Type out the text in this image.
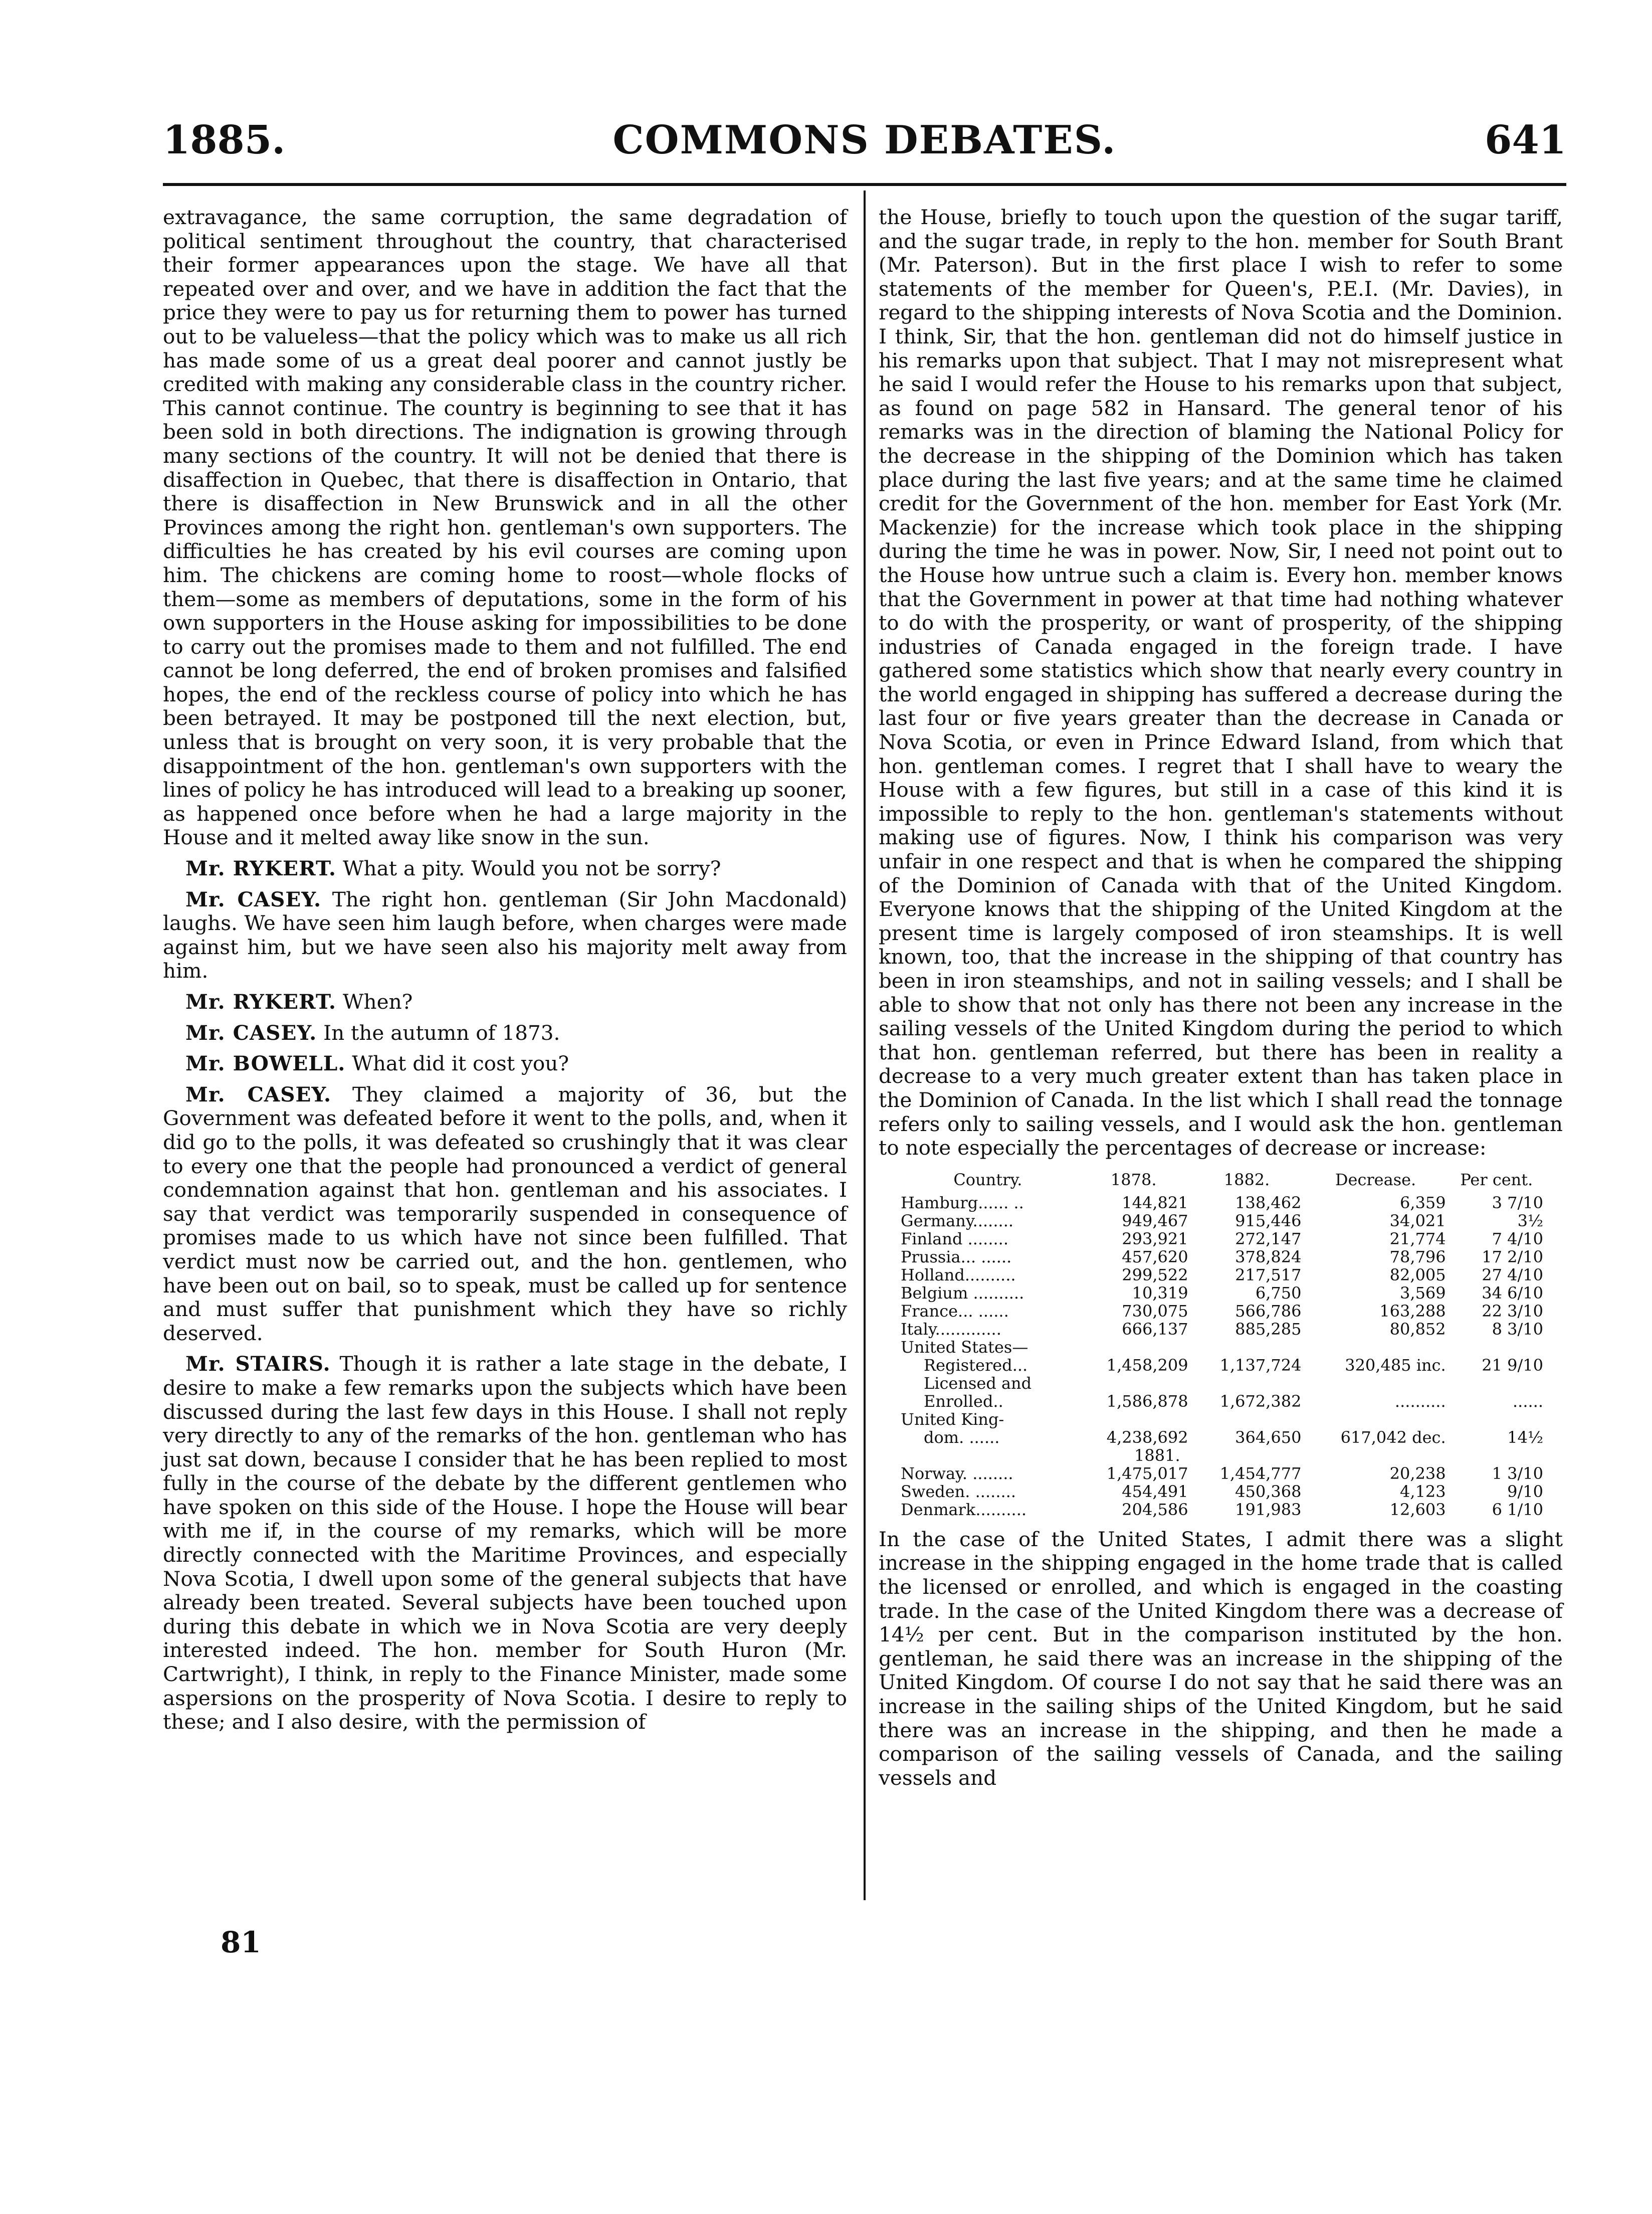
1885.	COMMONS DEBATES.	641

extravagance, the same corruption, the same degradation of political sentiment throughout the country, that characterised their former appearances upon the stage. We have all that repeated over and over, and we have in addition the fact that the price they were to pay us for returning them to power has turned out to be valueless—that the policy which was to make us all rich has made some of us a great deal poorer and cannot justly be credited with making any considerable class in the country richer. This cannot continue. The country is beginning to see that it has been sold in both directions. The indignation is growing through many sections of the country. It will not be denied that there is disaffection in Quebec, that there is disaffection in Ontario, that there is disaffection in New Brunswick and in all the other Provinces among the right hon. gentleman's own supporters. The difficulties he has created by his evil courses are coming upon him. The chickens are coming home to roost—whole flocks of them—some as members of deputations, some in the form of his own supporters in the House asking for impossibilities to be done to carry out the promises made to them and not fulfilled. The end cannot be long deferred, the end of broken promises and falsified hopes, the end of the reckless course of policy into which he has been betrayed. It may be postponed till the next election, but, unless that is brought on very soon, it is very probable that the disappointment of the hon. gentleman's own supporters with the lines of policy he has introduced will lead to a breaking up sooner, as happened once before when he had a large majority in the House and it melted away like snow in the sun.

Mr. RYKERT. What a pity. Would you not be sorry?

Mr. CASEY. The right hon. gentleman (Sir John Macdonald) laughs. We have seen him laugh before, when charges were made against him, but we have seen also his majority melt away from him.

Mr. RYKERT. When?

Mr. CASEY. In the autumn of 1873.

Mr. BOWELL. What did it cost you?

Mr. CASEY. They claimed a majority of 36, but the Government was defeated before it went to the polls, and, when it did go to the polls, it was defeated so crushingly that it was clear to every one that the people had pronounced a verdict of general condemnation against that hon. gentleman and his associates. I say that verdict was temporarily suspended in consequence of promises made to us which have not since been fulfilled. That verdict must now be carried out, and the hon. gentlemen, who have been out on bail, so to speak, must be called up for sentence and must suffer that punishment which they have so richly deserved.

Mr. STAIRS. Though it is rather a late stage in the debate, I desire to make a few remarks upon the subjects which have been discussed during the last few days in this House. I shall not reply very directly to any of the remarks of the hon. gentleman who has just sat down, because I consider that he has been replied to most fully in the course of the debate by the different gentlemen who have spoken on this side of the House. I hope the House will bear with me if, in the course of my remarks, which will be more directly connected with the Maritime Provinces, and especially Nova Scotia, I dwell upon some of the general subjects that have already been treated. Several subjects have been touched upon during this debate in which we in Nova Scotia are very deeply interested indeed. The hon. member for South Huron (Mr. Cartwright), I think, in reply to the Finance Minister, made some aspersions on the prosperity of Nova Scotia. I desire to reply to these; and I also desire, with the permission of

the House, briefly to touch upon the question of the sugar tariff, and the sugar trade, in reply to the hon. member for South Brant (Mr. Paterson). But in the first place I wish to refer to some statements of the member for Queen's, P.E.I. (Mr. Davies), in regard to the shipping interests of Nova Scotia and the Dominion. I think, Sir, that the hon. gentleman did not do himself justice in his remarks upon that subject. That I may not misrepresent what he said I would refer the House to his remarks upon that subject, as found on page 582 in Hansard. The general tenor of his remarks was in the direction of blaming the National Policy for the decrease in the shipping of the Dominion which has taken place during the last five years; and at the same time he claimed credit for the Government of the hon. member for East York (Mr. Mackenzie) for the increase which took place in the shipping during the time he was in power. Now, Sir, I need not point out to the House how untrue such a claim is. Every hon. member knows that the Government in power at that time had nothing whatever to do with the prosperity, or want of prosperity, of the shipping industries of Canada engaged in the foreign trade. I have gathered some statistics which show that nearly every country in the world engaged in shipping has suffered a decrease during the last four or five years greater than the decrease in Canada or Nova Scotia, or even in Prince Edward Island, from which that hon. gentleman comes. I regret that I shall have to weary the House with a few figures, but still in a case of this kind it is impossible to reply to the hon. gentleman's statements without making use of figures. Now, I think his comparison was very unfair in one respect and that is when he compared the shipping of the Dominion of Canada with that of the United Kingdom. Everyone knows that the shipping of the United Kingdom at the present time is largely composed of iron steamships. It is well known, too, that the increase in the shipping of that country has been in iron steamships, and not in sailing vessels; and I shall be able to show that not only has there not been any increase in the sailing vessels of the United Kingdom during the period to which that hon. gentleman referred, but there has been in reality a decrease to a very much greater extent than has taken place in the Dominion of Canada. In the list which I shall read the tonnage refers only to sailing vessels, and I would ask the hon. gentleman to note especially the percentages of decrease or increase:

Country.	1878.	1882.	Decrease.	Per cent.
Hamburg...... ..	144,821	138,462	6,359	3 7/10
Germany........	949,467	915,446	34,021	3½
Finland ........	293,921	272,147	21,774	7 4/10
Prussia... ......	457,620	378,824	78,796	17 2/10
Holland..........	299,522	217,517	82,005	27 4/10
Belgium ..........	10,319	6,750	3,569	34 6/10
France... ......	730,075	566,786	163,288	22 3/10
Italy.............	666,137	885,285	80,852	8 3/10
United States—				
Registered...	1,458,209	1,137,724	320,485 inc.	21 9/10
Licensed and				
Enrolled..	1,586,878	1,672,382	..........	......
United King-				
dom. ......	4,238,692	364,650	617,042 dec.	14½
1881.				
Norway. ........	1,475,017	1,454,777	20,238	1 3/10
Sweden. ........	454,491	450,368	4,123	9/10
Denmark..........	204,586	191,983	12,603	6 1/10

In the case of the United States, I admit there was a slight increase in the shipping engaged in the home trade that is called the licensed or enrolled, and which is engaged in the coasting trade. In the case of the United Kingdom there was a decrease of 14½ per cent. But in the comparison instituted by the hon. gentleman, he said there was an increase in the shipping of the United Kingdom. Of course I do not say that he said there was an increase in the sailing ships of the United Kingdom, but he said there was an increase in the shipping, and then he made a comparison of the sailing vessels of Canada, and the sailing vessels and

81
